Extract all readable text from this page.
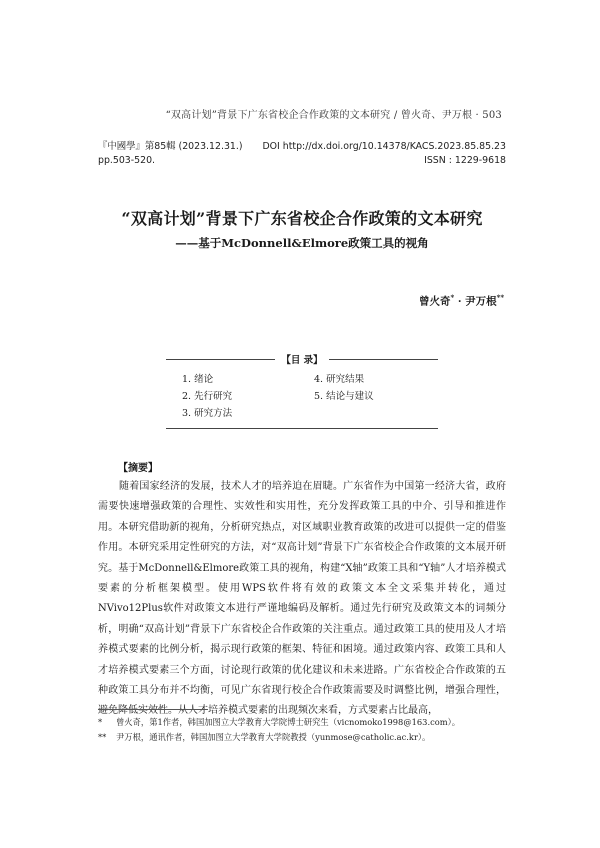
“双高计划”背景下广东省校企合作政策的文本研究 / 曾火奇、尹万根 · 503
『中國學』第85輯 (2023.12.31.) DOI http://dx.doi.org/10.14378/KACS.2023.85.85.23
pp.503-520.	ISSN : 1229-9618
“双高计划”背景下广东省校企合作政策的文本研究
——基于McDonnell&Elmore政策工具的视角
曾火奇* · 尹万根**
【目 录】
1. 绪论
2. 先行研究
3. 研究方法
4. 研究结果
5. 结论与建议
【摘要】

随着国家经济的发展，技术人才的培养迫在眉睫。广东省作为中国第一经济大省，政府需要快速增强政策的合理性、实效性和实用性，充分发挥政策工具的中介、引导和推进作用。本研究借助新的视角，分析研究热点，对区域职业教育政策的改进可以提供一定的借鉴作用。本研究采用定性研究的方法，对“双高计划”背景下广东省校企合作政策的文本展开研究。基于McDonnell&Elmore政策工具的视角，构建“X轴”政策工具和“Y轴”人才培养模式要素的分析框架模型。使用WPS软件将有效的政策文本全文采集并转化，通过NVivo12Plus软件对政策文本进行严谨地编码及解析。通过先行研究及政策文本的词频分析，明确“双高计划”背景下广东省校企合作政策的关注重点。通过政策工具的使用及人才培养模式要素的比例分析，揭示现行政策的框架、特征和困境。通过政策内容、政策工具和人才培养模式要素三个方面，讨论现行政策的优化建议和未来进路。广东省校企合作政策的五种政策工具分布并不均衡，可见广东省现行校企合作政策需要及时调整比例，增强合理性，避免降低实效性。从人才培养模式要素的出现频次来看，方式要素占比最高，

* 曾火奇，第1作者，韩国加图立大学教育大学院博士研究生（vicnomoko1998@163.com）。
** 尹万根，通讯作者，韩国加图立大学教育大学院教授（yunmose@catholic.ac.kr）。
